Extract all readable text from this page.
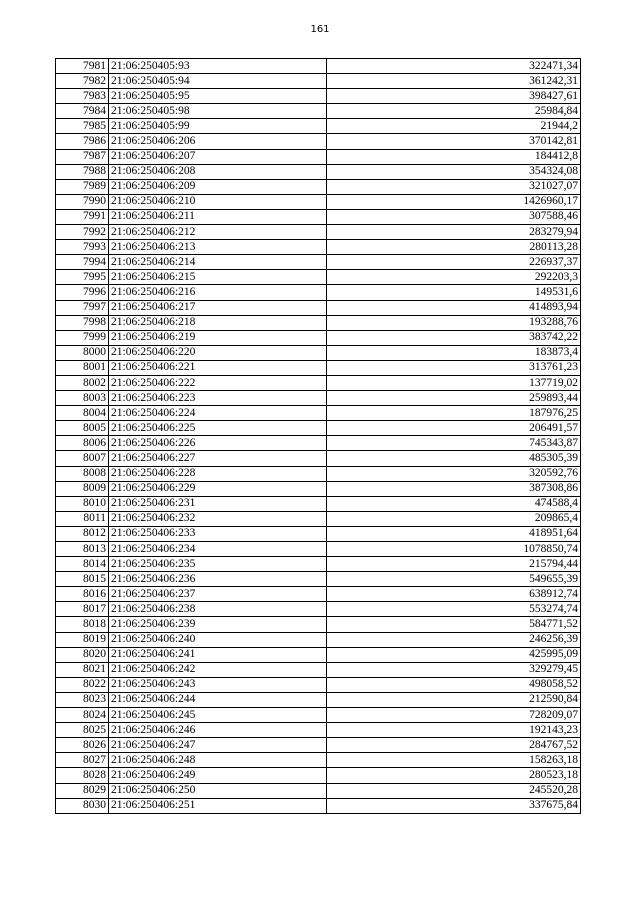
161
7981	21:06:250405:93	322471,34
7982	21:06:250405:94	361242,31
7983	21:06:250405:95	398427,61
7984	21:06:250405:98	25984,84
7985	21:06:250405:99	21944,2
7986	21:06:250406:206	370142,81
7987	21:06:250406:207	184412,8
7988	21:06:250406:208	354324,08
7989	21:06:250406:209	321027,07
7990	21:06:250406:210	1426960,17
7991	21:06:250406:211	307588,46
7992	21:06:250406:212	283279,94
7993	21:06:250406:213	280113,28
7994	21:06:250406:214	226937,37
7995	21:06:250406:215	292203,3
7996	21:06:250406:216	149531,6
7997	21:06:250406:217	414893,94
7998	21:06:250406:218	193288,76
7999	21:06:250406:219	383742,22
8000	21:06:250406:220	183873,4
8001	21:06:250406:221	313761,23
8002	21:06:250406:222	137719,02
8003	21:06:250406:223	259893,44
8004	21:06:250406:224	187976,25
8005	21:06:250406:225	206491,57
8006	21:06:250406:226	745343,87
8007	21:06:250406:227	485305,39
8008	21:06:250406:228	320592,76
8009	21:06:250406:229	387308,86
8010	21:06:250406:231	474588,4
8011	21:06:250406:232	209865,4
8012	21:06:250406:233	418951,64
8013	21:06:250406:234	1078850,74
8014	21:06:250406:235	215794,44
8015	21:06:250406:236	549655,39
8016	21:06:250406:237	638912,74
8017	21:06:250406:238	553274,74
8018	21:06:250406:239	584771,52
8019	21:06:250406:240	246256,39
8020	21:06:250406:241	425995,09
8021	21:06:250406:242	329279,45
8022	21:06:250406:243	498058,52
8023	21:06:250406:244	212590,84
8024	21:06:250406:245	728209,07
8025	21:06:250406:246	192143,23
8026	21:06:250406:247	284767,52
8027	21:06:250406:248	158263,18
8028	21:06:250406:249	280523,18
8029	21:06:250406:250	245520,28
8030	21:06:250406:251	337675,84
